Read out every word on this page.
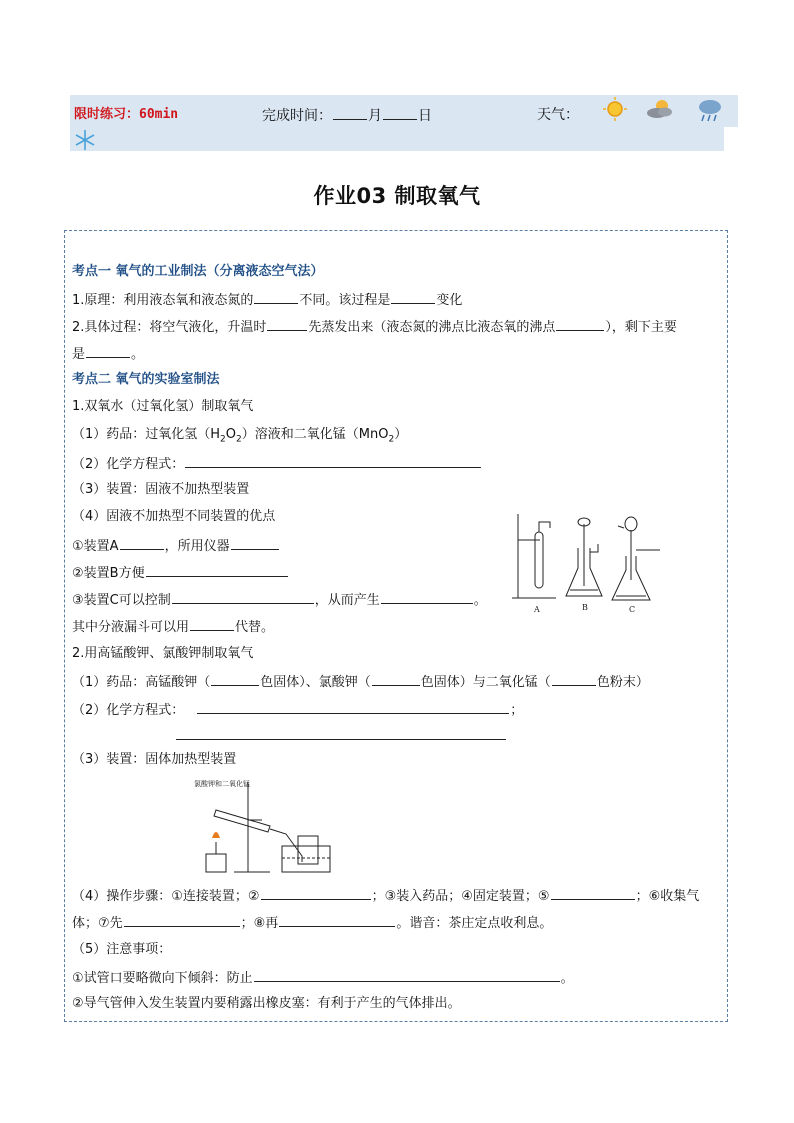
限时练习：60min	完成时间：	月	日	天气：
作业03 制取氧气
考点一 氧气的工业制法（分离液态空气法）
1.原理：利用液态氧和液态氮的	不同。该过程是	变化
2.具体过程：将空气液化，升温时	先蒸发出来（液态氮的沸点比液态氧的沸点	），剩下主要
是	。
考点二 氧气的实验室制法
1.双氧水（过氧化氢）制取氧气
（1）药品：过氧化氢$(H_2O_2)$溶液和二氧化锰（MnO$_2$）
（2）化学方程式：
（3）装置：固液不加热型装置
（4）固液不加热型不同装置的优点
①装置A	，所用仪器
②装置B方便
③装置C可以控制	，从而产生	。
其中分液漏斗可以用	代替。
A	B	C
2.用高锰酸钾、氯酸钾制取氧气
（1）药品：高锰酸钾（	色固体）、氯酸钾（	色固体）与二氧化锰（	色粉末）
（2）化学方程式：	；
（3）装置：固体加热型装置
氯酸钾和二氧化锰
（4）操作步骤：①连接装置；②	；③装入药品；④固定装置；⑤	；⑥收集气
体；⑦先	；⑧再	。谐音：茶庄定点收利息。
（5）注意事项：
①试管口要略微向下倾斜：防止	。
②导气管伸入发生装置内要稍露出橡皮塞：有利于产生的气体排出。
